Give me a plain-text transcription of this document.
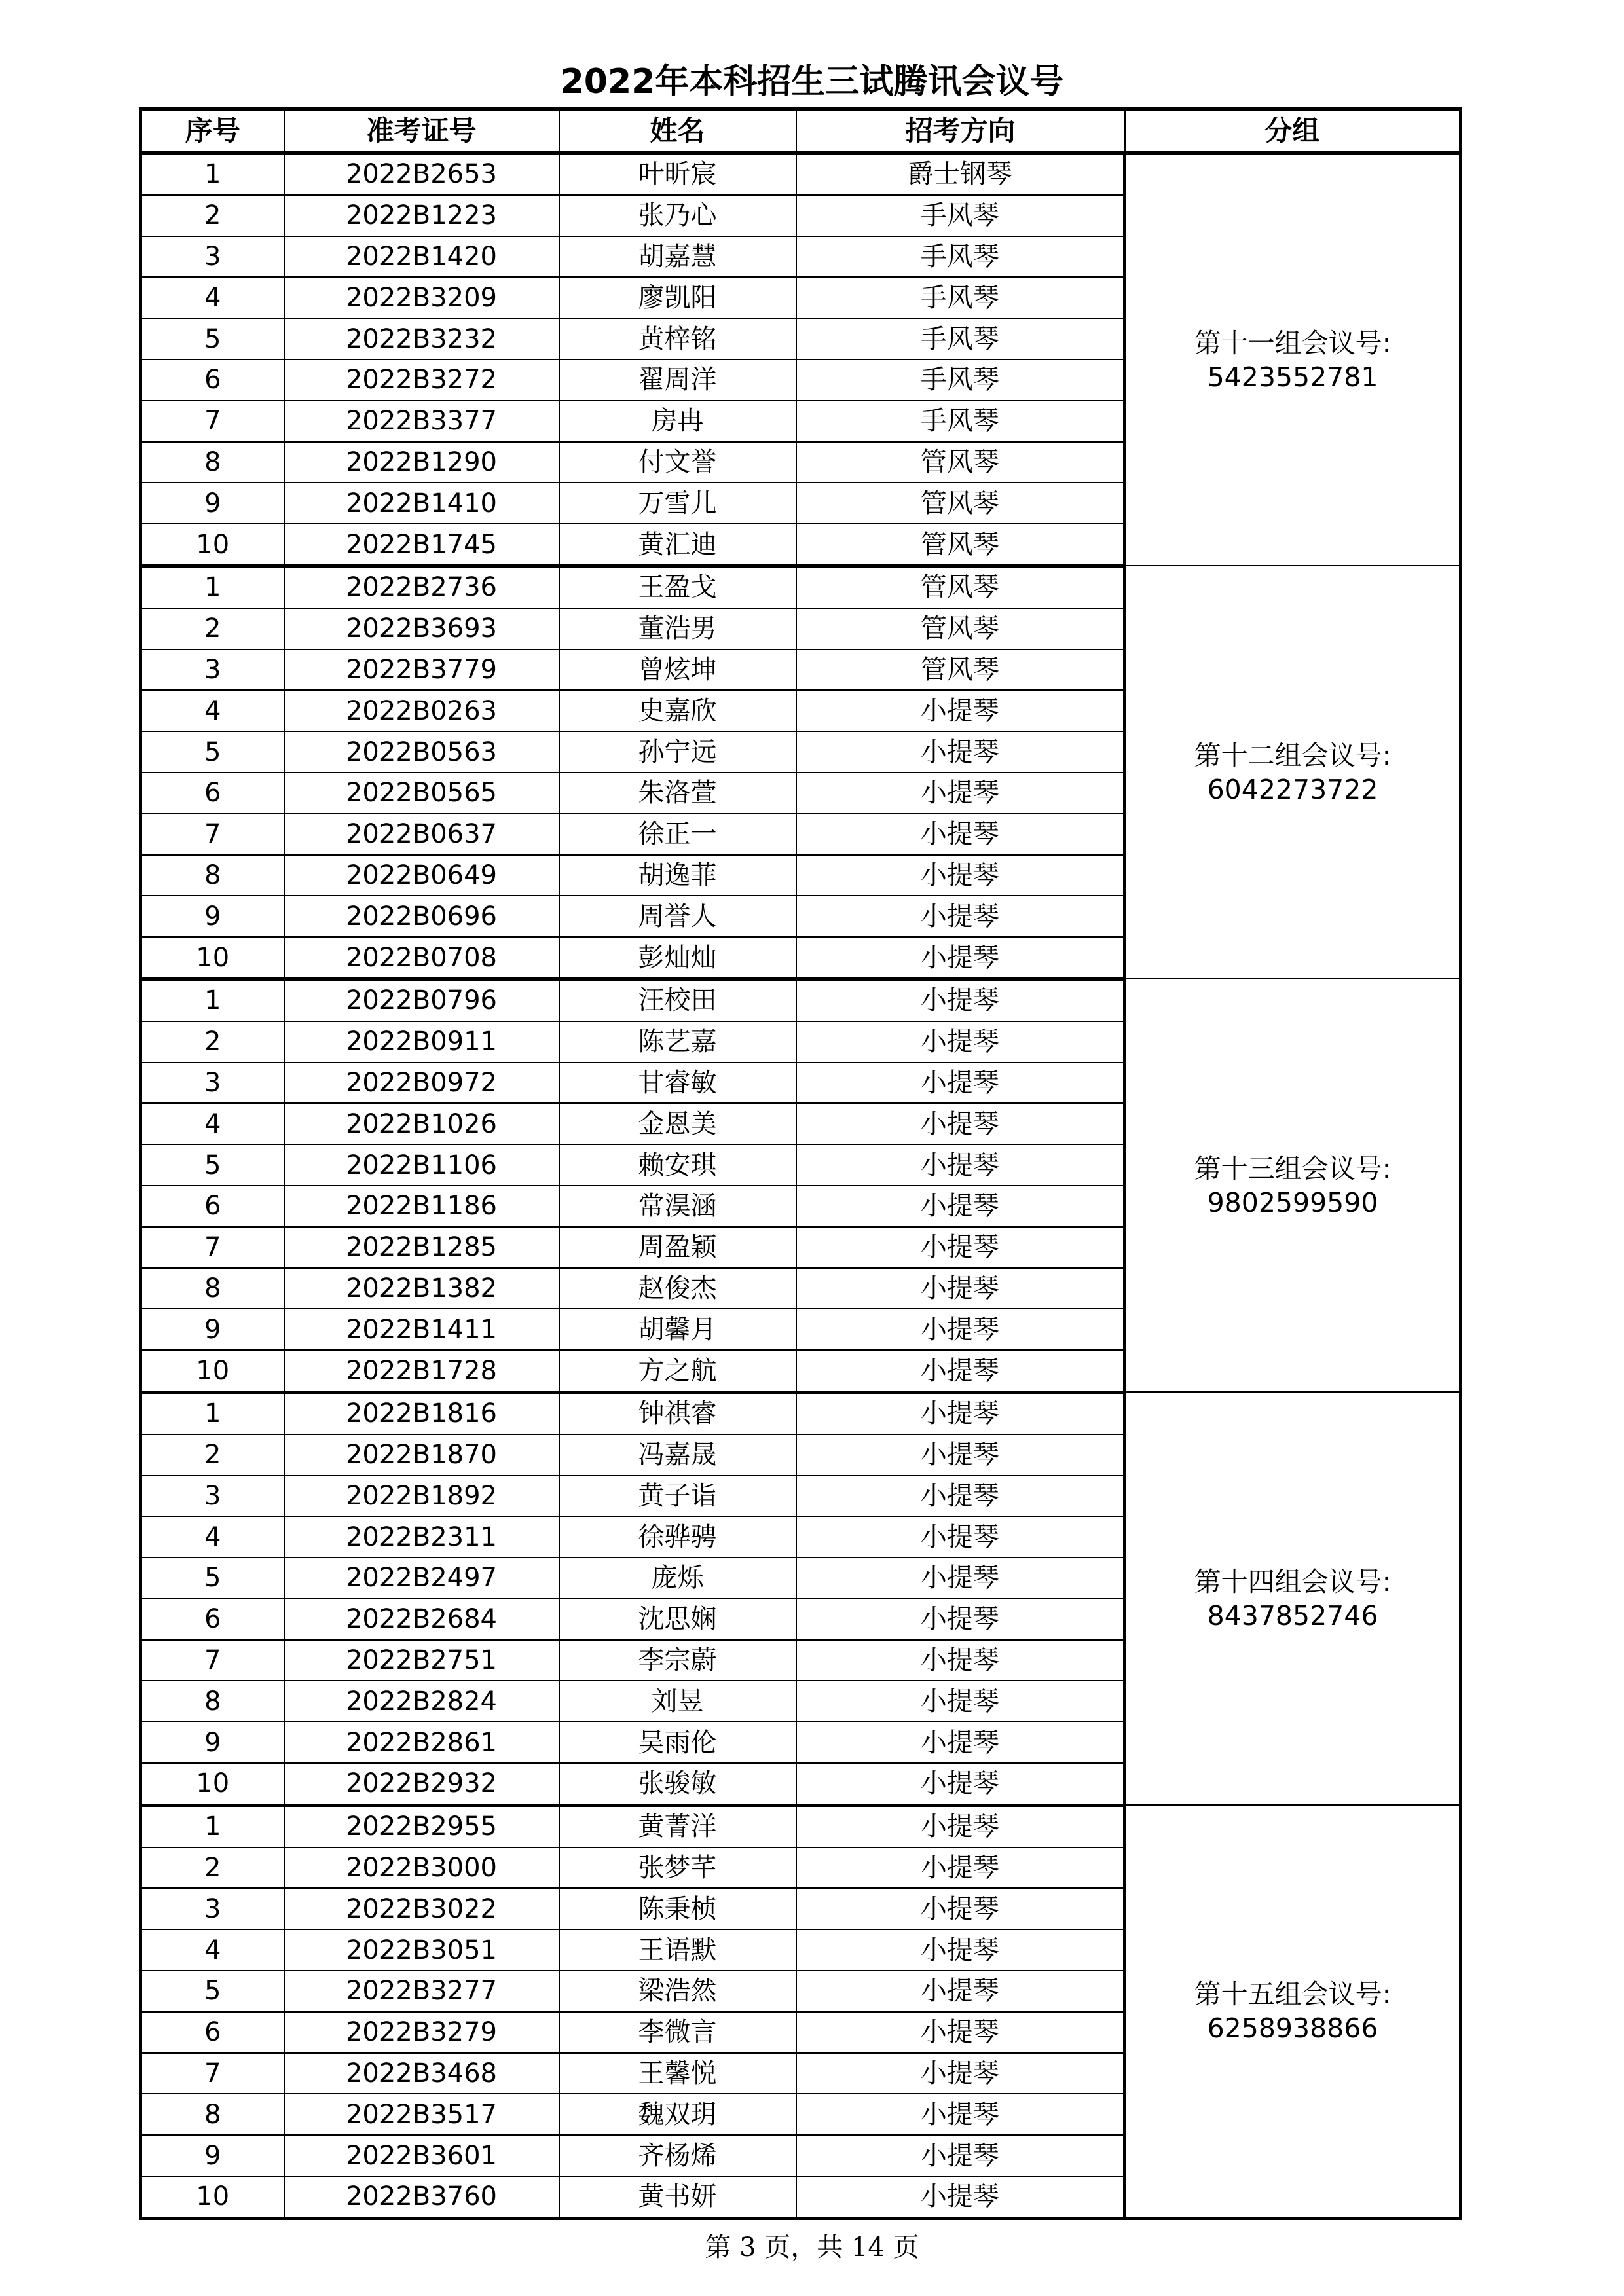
2022年本科招生三试腾讯会议号
序号	准考证号	姓名	招考方向	分组
1	2022B2653	叶昕宸	爵士钢琴	第十一组会议号:
5423552781

2	2022B1223	张乃心	手风琴	
3	2022B1420	胡嘉慧	手风琴	
4	2022B3209	廖凯阳	手风琴	
5	2022B3232	黄梓铭	手风琴	
6	2022B3272	翟周洋	手风琴	
7	2022B3377	房冉	手风琴	
8	2022B1290	付文誉	管风琴	
9	2022B1410	万雪儿	管风琴	
10	2022B1745	黄汇迪	管风琴	
1	2022B2736	王盈戈	管风琴	第十二组会议号:
6042273722

2	2022B3693	董浩男	管风琴	
3	2022B3779	曾炫坤	管风琴	
4	2022B0263	史嘉欣	小提琴	
5	2022B0563	孙宁远	小提琴	
6	2022B0565	朱洛萱	小提琴	
7	2022B0637	徐正一	小提琴	
8	2022B0649	胡逸菲	小提琴	
9	2022B0696	周誉人	小提琴	
10	2022B0708	彭灿灿	小提琴	
1	2022B0796	汪校田	小提琴	第十三组会议号:
9802599590

2	2022B0911	陈艺嘉	小提琴	
3	2022B0972	甘睿敏	小提琴	
4	2022B1026	金恩美	小提琴	
5	2022B1106	赖安琪	小提琴	
6	2022B1186	常淏涵	小提琴	
7	2022B1285	周盈颖	小提琴	
8	2022B1382	赵俊杰	小提琴	
9	2022B1411	胡馨月	小提琴	
10	2022B1728	方之航	小提琴	
1	2022B1816	钟祺睿	小提琴	第十四组会议号:
8437852746

2	2022B1870	冯嘉晟	小提琴	
3	2022B1892	黄子诣	小提琴	
4	2022B2311	徐骅骋	小提琴	
5	2022B2497	庞烁	小提琴	
6	2022B2684	沈思娴	小提琴	
7	2022B2751	李宗蔚	小提琴	
8	2022B2824	刘昱	小提琴	
9	2022B2861	吴雨伦	小提琴	
10	2022B2932	张骏敏	小提琴	
1	2022B2955	黄菁洋	小提琴	第十五组会议号:
6258938866

2	2022B3000	张梦芊	小提琴	
3	2022B3022	陈秉桢	小提琴	
4	2022B3051	王语默	小提琴	
5	2022B3277	梁浩然	小提琴	
6	2022B3279	李微言	小提琴	
7	2022B3468	王馨悦	小提琴	
8	2022B3517	魏双玥	小提琴	
9	2022B3601	齐杨烯	小提琴	
10	2022B3760	黄书妍	小提琴	
第 3 页，共 14 页
